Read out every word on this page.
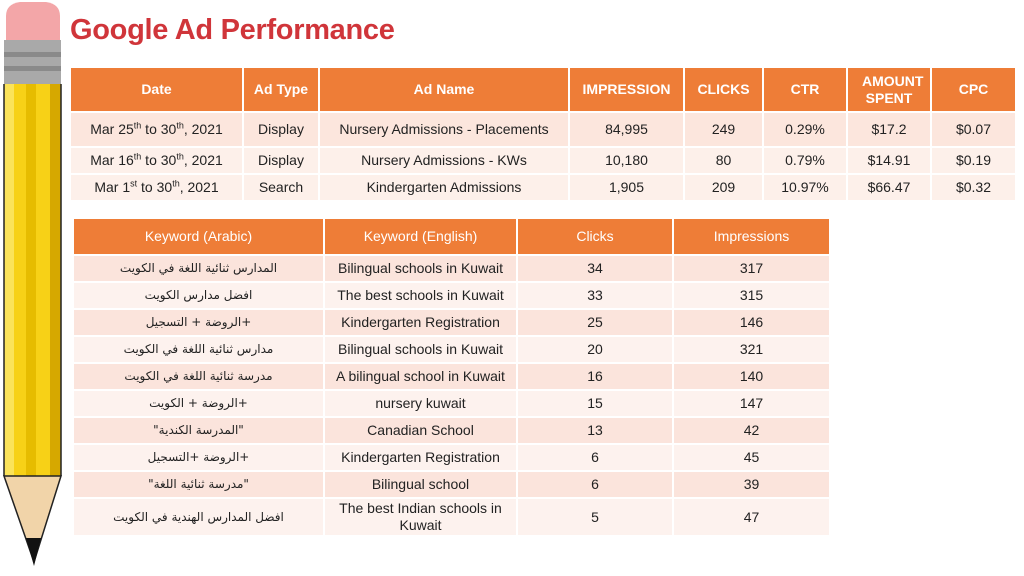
Google Ad Performance
Date	Ad Type	Ad Name	IMPRESSION	CLICKS	CTR	AMOUNT SPENT	CPC
Mar 25th to 30th, 2021	Display	Nursery Admissions - Placements	84,995	249	0.29%	$17.2	$0.07
Mar 16th to 30th, 2021	Display	Nursery Admissions - KWs	10,180	80	0.79%	$14.91	$0.19
Mar 1st to 30th, 2021	Search	Kindergarten Admissions	1,905	209	10.97%	$66.47	$0.32
Keyword (Arabic)	Keyword (English)	Clicks	Impressions
المدارس ثنائية اللغة في الكويت	Bilingual schools in Kuwait	34	317
افضل مدارس الكويت	The best schools in Kuwait	33	315
+الروضة + التسجيل	Kindergarten Registration	25	146
مدارس ثنائية اللغة في الكويت	Bilingual schools in Kuwait	20	321
مدرسة ثنائية اللغة في الكويت	A bilingual school in Kuwait	16	140
+الروضة + الكويت	nursery kuwait	15	147
"المدرسة الكندية"	Canadian School	13	42
+الروضة +التسجيل	Kindergarten Registration	6	45
"مدرسة ثنائية اللغة"	Bilingual school	6	39
افضل المدارس الهندية في الكويت	The best Indian schools in Kuwait	5	47
